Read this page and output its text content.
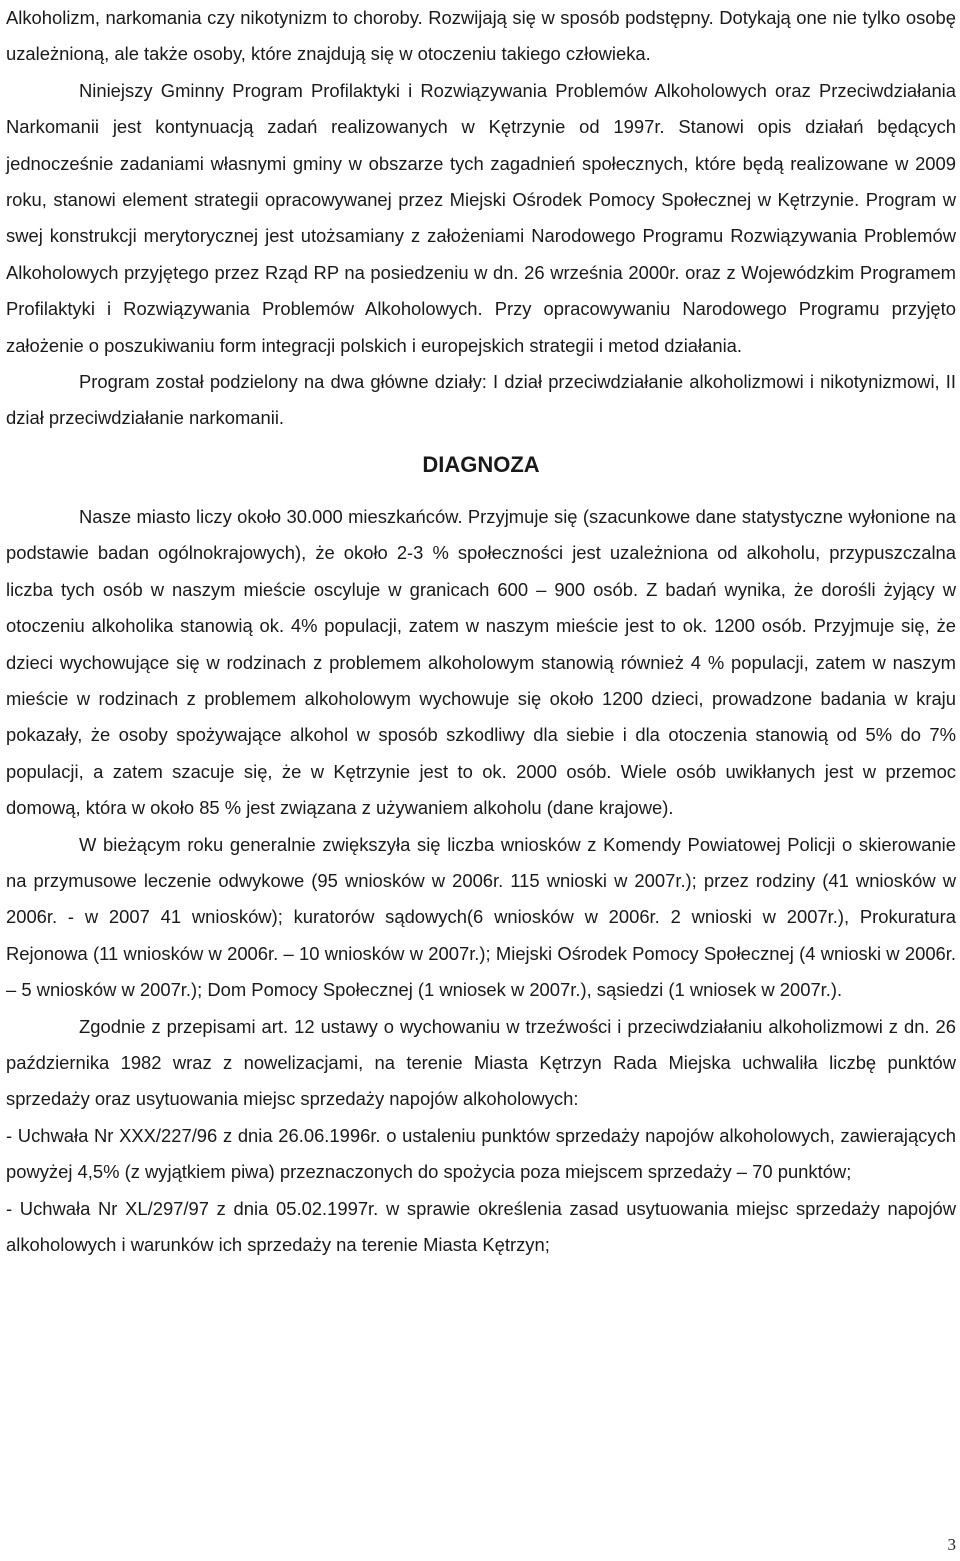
Alkoholizm, narkomania czy nikotynizm to choroby. Rozwijają się w sposób podstępny. Dotykają one nie tylko osobę uzależnioną, ale także osoby, które znajdują się w otoczeniu takiego człowieka.

Niniejszy Gminny Program Profilaktyki i Rozwiązywania Problemów Alkoholowych oraz Przeciwdziałania Narkomanii jest kontynuacją zadań realizowanych w Kętrzynie od 1997r. Stanowi opis działań będących jednocześnie zadaniami własnymi gminy w obszarze tych zagadnień społecznych, które będą realizowane w 2009 roku, stanowi element strategii opracowywanej przez Miejski Ośrodek Pomocy Społecznej w Kętrzynie. Program w swej konstrukcji merytorycznej jest utożsamiany z założeniami Narodowego Programu Rozwiązywania Problemów Alkoholowych przyjętego przez Rząd RP na posiedzeniu w dn. 26 września 2000r. oraz z Wojewódzkim Programem Profilaktyki i Rozwiązywania Problemów Alkoholowych. Przy opracowywaniu Narodowego Programu przyjęto założenie o poszukiwaniu form integracji polskich i europejskich strategii i metod działania.

Program został podzielony na dwa główne działy: I dział przeciwdziałanie alkoholizmowi i nikotynizmowi, II dział przeciwdziałanie narkomanii.

DIAGNOZA

Nasze miasto liczy około 30.000 mieszkańców. Przyjmuje się (szacunkowe dane statystyczne wyłonione na podstawie badan ogólnokrajowych), że około 2-3 % społeczności jest uzależniona od alkoholu, przypuszczalna liczba tych osób w naszym mieście oscyluje w granicach 600 – 900 osób. Z badań wynika, że dorośli żyjący w otoczeniu alkoholika stanowią ok. 4% populacji, zatem w naszym mieście jest to ok. 1200 osób. Przyjmuje się, że dzieci wychowujące się w rodzinach z problemem alkoholowym stanowią również 4 % populacji, zatem w naszym mieście w rodzinach z problemem alkoholowym wychowuje się około 1200 dzieci, prowadzone badania w kraju pokazały, że osoby spożywające alkohol w sposób szkodliwy dla siebie i dla otoczenia stanowią od 5% do 7% populacji, a zatem szacuje się, że w Kętrzynie jest to ok. 2000 osób. Wiele osób uwikłanych jest w przemoc domową, która w około 85 % jest związana z używaniem alkoholu (dane krajowe).

W bieżącym roku generalnie zwiększyła się liczba wniosków z Komendy Powiatowej Policji o skierowanie na przymusowe leczenie odwykowe (95 wniosków w 2006r. 115 wnioski w 2007r.); przez rodziny (41 wniosków w 2006r. - w 2007 41 wniosków); kuratorów sądowych(6 wniosków w 2006r. 2 wnioski w 2007r.), Prokuratura Rejonowa (11 wniosków w 2006r. – 10 wniosków w 2007r.); Miejski Ośrodek Pomocy Społecznej (4 wnioski w 2006r. – 5 wniosków w 2007r.); Dom Pomocy Społecznej (1 wniosek w 2007r.), sąsiedzi (1 wniosek w 2007r.).

Zgodnie z przepisami art. 12 ustawy o wychowaniu w trzeźwości i przeciwdziałaniu alkoholizmowi z dn. 26 października 1982 wraz z nowelizacjami, na terenie Miasta Kętrzyn Rada Miejska uchwaliła liczbę punktów sprzedaży oraz usytuowania miejsc sprzedaży napojów alkoholowych:

- Uchwała Nr XXX/227/96 z dnia 26.06.1996r. o ustaleniu punktów sprzedaży napojów alkoholowych, zawierających powyżej 4,5% (z wyjątkiem piwa) przeznaczonych do spożycia poza miejscem sprzedaży – 70 punktów;

- Uchwała Nr XL/297/97 z dnia 05.02.1997r. w sprawie określenia zasad usytuowania miejsc sprzedaży napojów alkoholowych i warunków ich sprzedaży na terenie Miasta Kętrzyn;

3
